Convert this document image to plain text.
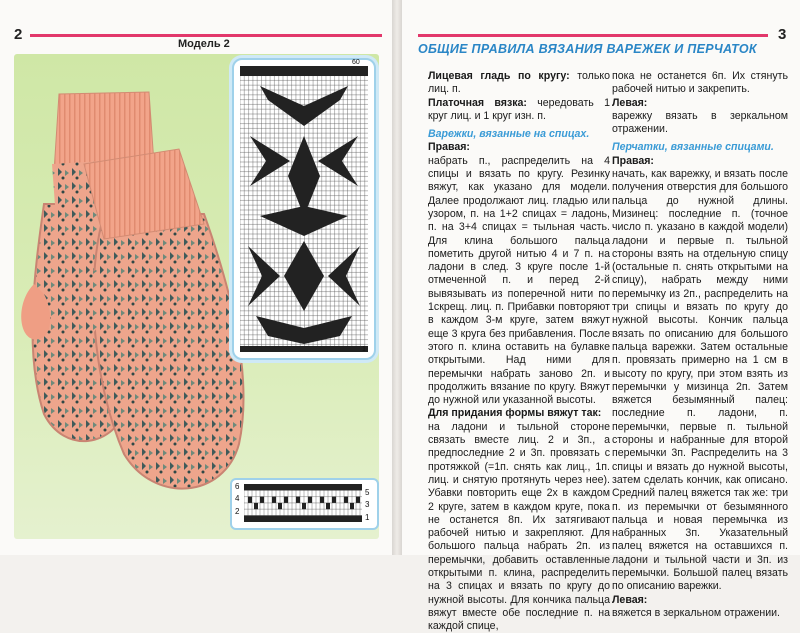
2
Модель 2
60
1
6
5
4
3
2
1
3
ОБЩИЕ ПРАВИЛА ВЯЗАНИЯ ВАРЕЖЕК И ПЕРЧАТОК

Лицевая гладь по кругу: только лиц. п.

Платочная вязка: чередовать 1 круг лиц. и 1 круг изн. п.

Варежки, вязанные на спицах.

Правая:

набрать п., распределить на 4 спицы и вязать по кругу. Резинку вяжут, как указано для модели. Далее продолжают лиц. гладью или узором, п. на 1+2 спицах = ладонь, п. на 3+4 спицах = тыльная часть. Для клина большого пальца пометить другой нитью 4 и 7 п. на ладони в след. 3 круге после 1-й отмеченной п. и перед 2-й вывязывать из поперечной нити по 1скрещ. лиц. п. Прибавки повторяют в каждом 3-м круге, затем вяжут еще 3 круга без прибавления. После этого п. клина оставить на булавке открытыми. Над ними для перемычки набрать заново 2п. и продолжить вязание по кругу. Вяжут до нужной или указанной высоты.

Для придания формы вяжут так:

на ладони и тыльной стороне связать вместе лиц. 2 и 3п., а предпоследние 2 и 3п. провязать с протяжкой (=1п. снять как лиц., 1п. лиц. и снятую протянуть через нее). Убавки повторить еще 2х в каждом 2 круге, затем в каждом круге, пока не останется 8п. Их затягивают рабочей нитью и закрепляют. Для большого пальца набрать 2п. из перемычки, добавить оставленные открытыми п. клина, распределить на 3 спицах и вязать по кругу до нужной высоты. Для кончика пальца вяжут вместе обе последние п. на каждой спице,

пока не останется 6п. Их стянуть рабочей нитью и закрепить.

Левая:

варежку вязать в зеркальном отражении.

Перчатки, вязанные спицами.

Правая:

начать, как варежку, и вязать после получения отверстия для большого пальца до нужной длины. Мизинец: последние п. (точное число п. указано в каждой модели) ладони и первые п. тыльной стороны взять на отдельную спицу (остальные п. снять открытыми на спицу), набрать между ними перемычку из 2п., распределить на три спицы и вязать по кругу до нужной высоты. Кончик пальца вязать по описанию для большого пальца варежки. Затем остальные п. провязать примерно на 1 см в высоту по кругу, при этом взять из перемычки у мизинца 2п. Затем вяжется безымянный палец: последние п. ладони, п. перемычки, первые п. тыльной стороны и набранные для второй перемычки 3п. Распределить на 3 спицы и вязать до нужной высоты, затем сделать кончик, как описано. Средний палец вяжется так же: три п. из перемычки от безымянного пальца и новая перемычка из набранных 3п. Указательный палец вяжется на оставшихся п. ладони и тыльной части и 3п. из перемычки. Большой палец вязать по описанию варежки.

Левая:

вяжется в зеркальном отражении.
